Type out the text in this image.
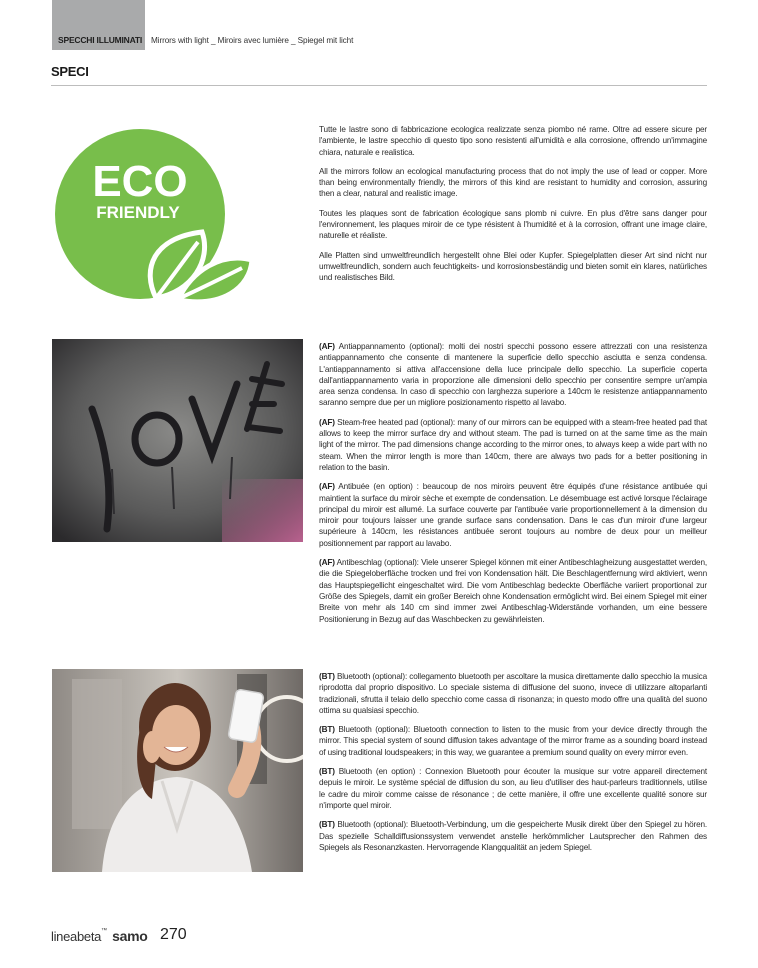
SPECCHI ILLUMINATI Mirrors with light _ Miroirs avec lumière _ Spiegel mit licht
SPECI
ECO
FRIENDLY

Tutte le lastre sono di fabbricazione ecologica realizzate senza piombo né rame. Oltre ad essere sicure per l'ambiente, le lastre specchio di questo tipo sono resistenti all'umidità e alla corrosione, offrendo un'immagine chiara, naturale e realistica.

All the mirrors follow an ecological manufacturing process that do not imply the use of lead or copper. More than being environmentally friendly, the mirrors of this kind are resistant to humidity and corrosion, assuring then a clear, natural and realistic image.

Toutes les plaques sont de fabrication écologique sans plomb ni cuivre. En plus d'être sans danger pour l'environnement, les plaques miroir de ce type résistent à l'humidité et à la corrosion, offrant une image claire, naturelle et réaliste.

Alle Platten sind umweltfreundlich hergestellt ohne Blei oder Kupfer. Spiegelplatten dieser Art sind nicht nur umweltfreundlich, sondern auch feuchtigkeits- und korrosionsbeständig und bieten somit ein klares, natürliches und realistisches Bild.

(AF) Antiappannamento (optional): molti dei nostri specchi possono essere attrezzati con una resistenza antiappannamento che consente di mantenere la superficie dello specchio asciutta e senza condensa. L'antiappannamento si attiva all'accensione della luce principale dello specchio. La superficie coperta dall'antiappannamento varia in proporzione alle dimensioni dello specchio per consentire sempre un'ampia area senza condensa. In caso di specchio con larghezza superiore a 140cm le resistenze antiappannamento saranno sempre due per un migliore posizionamento rispetto al lavabo.

(AF) Steam-free heated pad (optional): many of our mirrors can be equipped with a steam-free heated pad that allows to keep the mirror surface dry and without steam. The pad is turned on at the same time as the main light of the mirror. The pad dimensions change according to the mirror ones, to always keep a wide part with no steam. When the mirror length is more than 140cm, there are always two pads for a better positioning in relation to the basin.

(AF) Antibuée (en option) : beaucoup de nos miroirs peuvent être équipés d'une résistance antibuée qui maintient la surface du miroir sèche et exempte de condensation. Le désembuage est activé lorsque l'éclairage principal du miroir est allumé. La surface couverte par l'antibuée varie proportionnellement à la dimension du miroir pour toujours laisser une grande surface sans condensation. Dans le cas d'un miroir d'une largeur supérieure à 140cm, les résistances antibuée seront toujours au nombre de deux pour un meilleur positionnement par rapport au lavabo.

(AF) Antibeschlag (optional): Viele unserer Spiegel können mit einer Antibeschlagheizung ausgestattet werden, die die Spiegeloberfläche trocken und frei von Kondensation hält. Die Beschlagentfernung wird aktiviert, wenn das Hauptspiegellicht eingeschaltet wird. Die vom Antibeschlag bedeckte Oberfläche variiert proportional zur Größe des Spiegels, damit ein großer Bereich ohne Kondensation ermöglicht wird. Bei einem Spiegel mit einer Breite von mehr als 140 cm sind immer zwei Antibeschlag-Widerstände vorhanden, um eine bessere Positionierung in Bezug auf das Waschbecken zu gewährleisten.

(BT) Bluetooth (optional): collegamento bluetooth per ascoltare la musica direttamente dallo specchio la musica riprodotta dal proprio dispositivo. Lo speciale sistema di diffusione del suono, invece di utilizzare altoparlanti tradizionali, sfrutta il telaio dello specchio come cassa di risonanza; in questo modo offre una qualità del suono ottima su qualsiasi specchio.

(BT) Bluetooth (optional): Bluetooth connection to listen to the music from your device directly through the mirror. This special system of sound diffusion takes advantage of the mirror frame as a sounding board instead of using traditional loudspeakers; in this way, we guarantee a premium sound quality on every mirror even.

(BT) Bluetooth (en option) : Connexion Bluetooth pour écouter la musique sur votre appareil directement depuis le miroir. Le système spécial de diffusion du son, au lieu d'utiliser des haut-parleurs traditionnels, utilise le cadre du miroir comme caisse de résonance ; de cette manière, il offre une excellente qualité sonore sur n'importe quel miroir.

(BT) Bluetooth (optional): Bluetooth-Verbindung, um die gespeicherte Musik direkt über den Spiegel zu hören. Das spezielle Schalldiffusionssystem verwendet anstelle herkömmlicher Lautsprecher den Rahmen des Spiegels als Resonanzkasten. Hervorragende Klangqualität an jedem Spiegel.

lineabeta™ samo 270
